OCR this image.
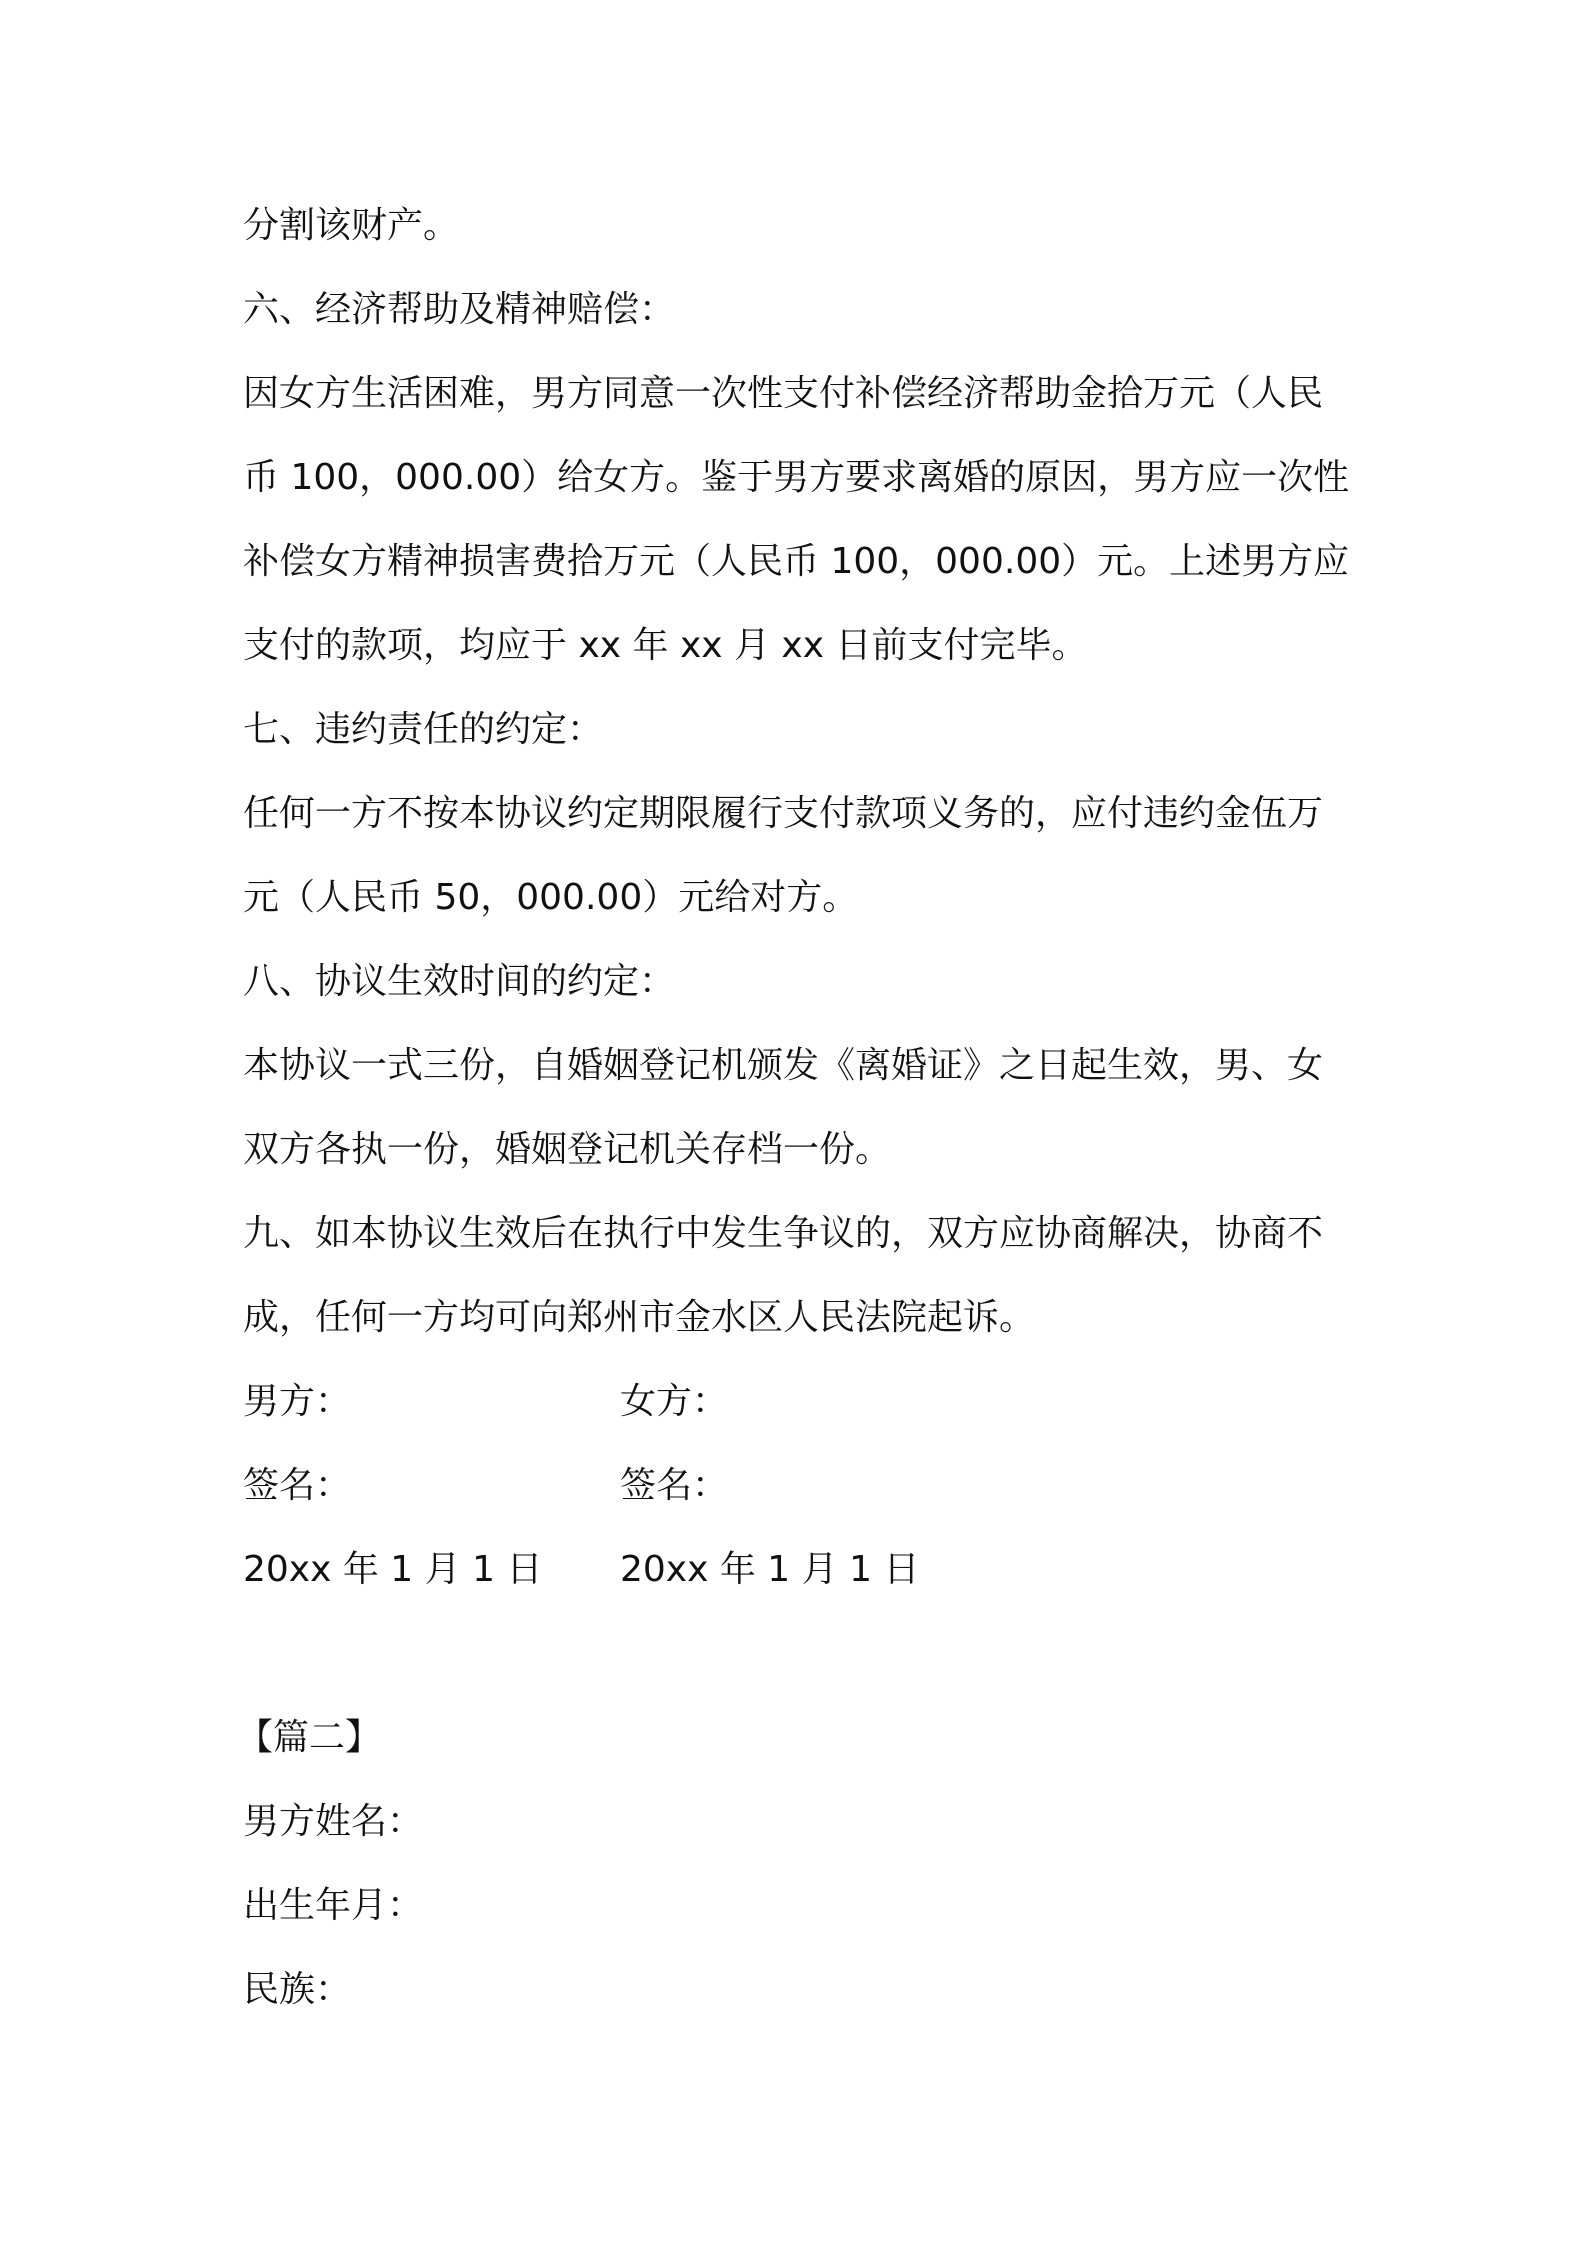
分割该财产。
六、经济帮助及精神赔偿：
因女方生活困难，男方同意一次性支付补偿经济帮助金拾万元（人民
币 100，000.00）给女方。鉴于男方要求离婚的原因，男方应一次性
补偿女方精神损害费拾万元（人民币 100，000.00）元。上述男方应
支付的款项，均应于 xx 年 xx 月 xx 日前支付完毕。
七、违约责任的约定：
任何一方不按本协议约定期限履行支付款项义务的，应付违约金伍万
元（人民币 50，000.00）元给对方。
八、协议生效时间的约定：
本协议一式三份，自婚姻登记机颁发《离婚证》之日起生效，男、女
双方各执一份，婚姻登记机关存档一份。
九、如本协议生效后在执行中发生争议的，双方应协商解决，协商不
成，任何一方均可向郑州市金水区人民法院起诉。
男方：	女方：
签名：	签名：
20xx 年 1 月 1 日 20xx 年 1 月 1 日
【篇二】
男方姓名：
出生年月：
民族：
